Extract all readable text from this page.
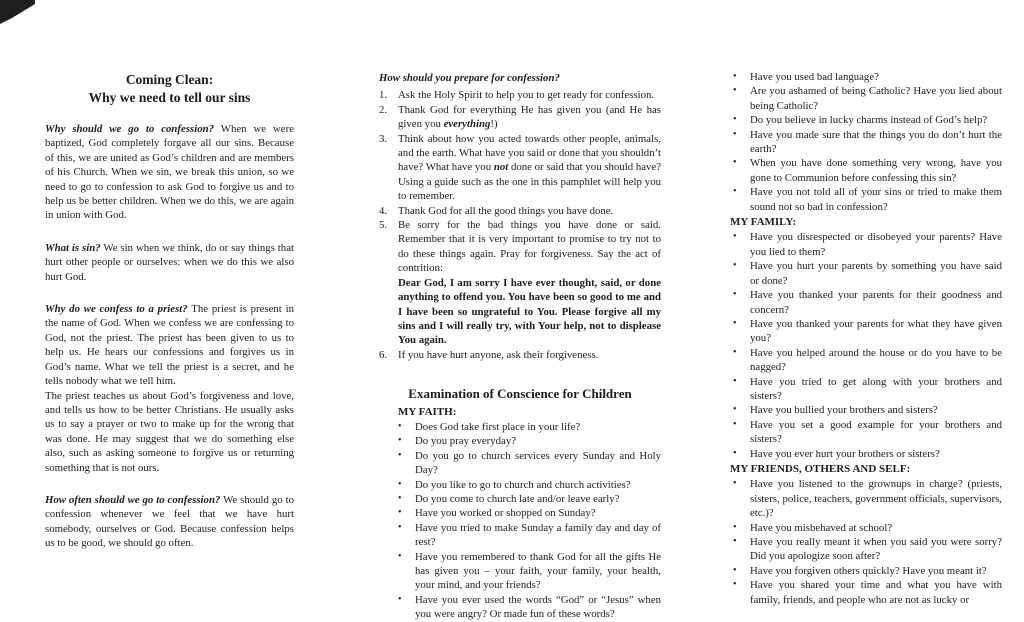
Coming Clean:
Why we need to tell our sins

Why should we go to confession? When we were baptized, God completely forgave all our sins. Because of this, we are united as God’s children and are members of his Church. When we sin, we break this union, so we need to go to confession to ask God to forgive us and to help us be better children. When we do this, we are again in union with God.

What is sin? We sin when we think, do or say things that hurt other people or ourselves: when we do this we also hurt God.

Why do we confess to a priest? The priest is present in the name of God. When we confess we are confessing to God, not the priest. The priest has been given to us to help us. He hears our confessions and forgives us in God’s name. What we tell the priest is a secret, and he tells nobody what we tell him.

The priest teaches us about God’s forgiveness and love, and tells us how to be better Christians. He usually asks us to say a prayer or two to make up for the wrong that was done. He may suggest that we do something else also, such as asking someone to forgive us or returning something that is not ours.

How often should we go to confession? We should go to confession whenever we feel that we have hurt somebody, ourselves or God. Because confession helps us to be good, we should go often.

How should you prepare for confession?
1.	Ask the Holy Spirit to help you to get ready for confession.
2.	Thank God for everything He has given you (and He has given you everything!)
3.	Think about how you acted towards other people, animals, and the earth. What have you said or done that you shouldn’t have? What have you not done or said that you should have? Using a guide such as the one in this pamphlet will help you to remember.
4.	Thank God for all the good things you have done.
5.	Be sorry for the bad things you have done or said. Remember that it is very important to promise to try not to do these things again. Pray for forgiveness. Say the act of contrition:
Dear God, I am sorry I have ever thought, said, or done anything to offend you. You have been so good to me and I have been so ungrateful to You. Please forgive all my sins and I will really try, with Your help, not to displease You again.
6.	If you have hurt anyone, ask their forgiveness.
Examination of Conscience for Children
MY FAITH:
•	Does God take first place in your life?
•	Do you pray everyday?
•	Do you go to church services every Sunday and Holy Day?
•	Do you like to go to church and church activities?
•	Do you come to church late and/or leave early?
•	Have you worked or shopped on Sunday?
•	Have you tried to make Sunday a family day and day of rest?
•	Have you remembered to thank God for all the gifts He has given you – your faith, your family, your health, your mind, and your friends?
•	Have you ever used the words “God” or “Jesus” when you were angry? Or made fun of these words?
•	Have you used bad language?
•	Are you ashamed of being Catholic? Have you lied about being Catholic?
•	Do you believe in lucky charms instead of God’s help?
•	Have you made sure that the things you do don’t hurt the earth?
•	When you have done something very wrong, have you gone to Communion before confessing this sin?
•	Have you not told all of your sins or tried to make them sound not so bad in confession?
MY FAMILY:
•	Have you disrespected or disobeyed your parents? Have you lied to them?
•	Have you hurt your parents by something you have said or done?
•	Have you thanked your parents for their goodness and concern?
•	Have you thanked your parents for what they have given you?
•	Have you helped around the house or do you have to be nagged?
•	Have you tried to get along with your brothers and sisters?
•	Have you bullied your brothers and sisters?
•	Have you set a good example for your brothers and sisters?
•	Have you ever hurt your brothers or sisters?
MY FRIENDS, OTHERS AND SELF:
•	Have you listened to the grownups in charge? (priests, sisters, police, teachers, government officials, supervisors, etc.)?
•	Have you misbehaved at school?
•	Have you really meant it when you said you were sorry? Did you apologize soon after?
•	Have you forgiven others quickly? Have you meant it?
•	Have you shared your time and what you have with family, friends, and people who are not as lucky or
